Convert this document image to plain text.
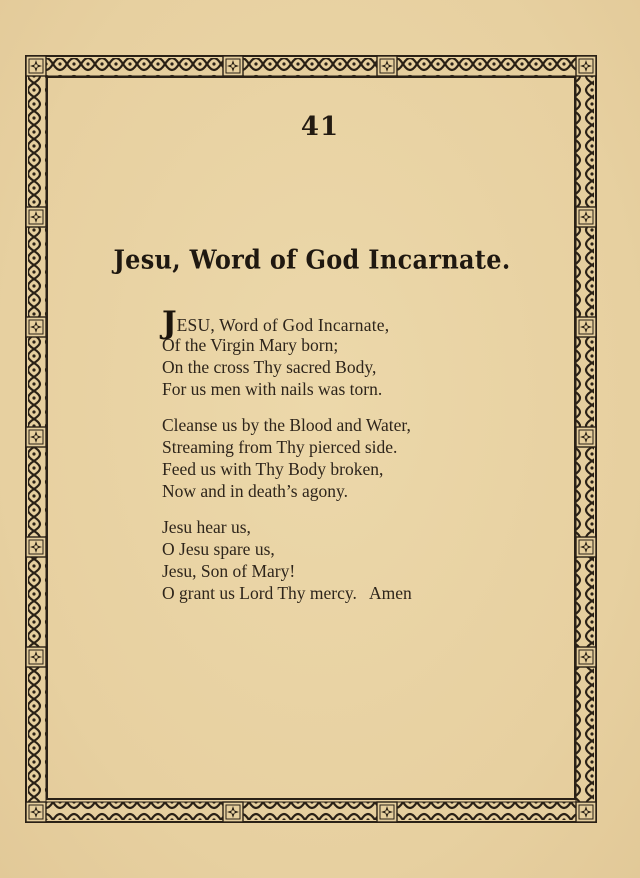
41
Jesu, Word of God Incarnate.
JESU, Word of God Incarnate,
Of the Virgin Mary born;
On the cross Thy sacred Body,
For us men with nails was torn.
Cleanse us by the Blood and Water,
Streaming from Thy pierced side.
Feed us with Thy Body broken,
Now and in death’s agony.
Jesu hear us,
O Jesu spare us,
Jesu, Son of Mary!
O grant us Lord Thy mercy.   Amen
